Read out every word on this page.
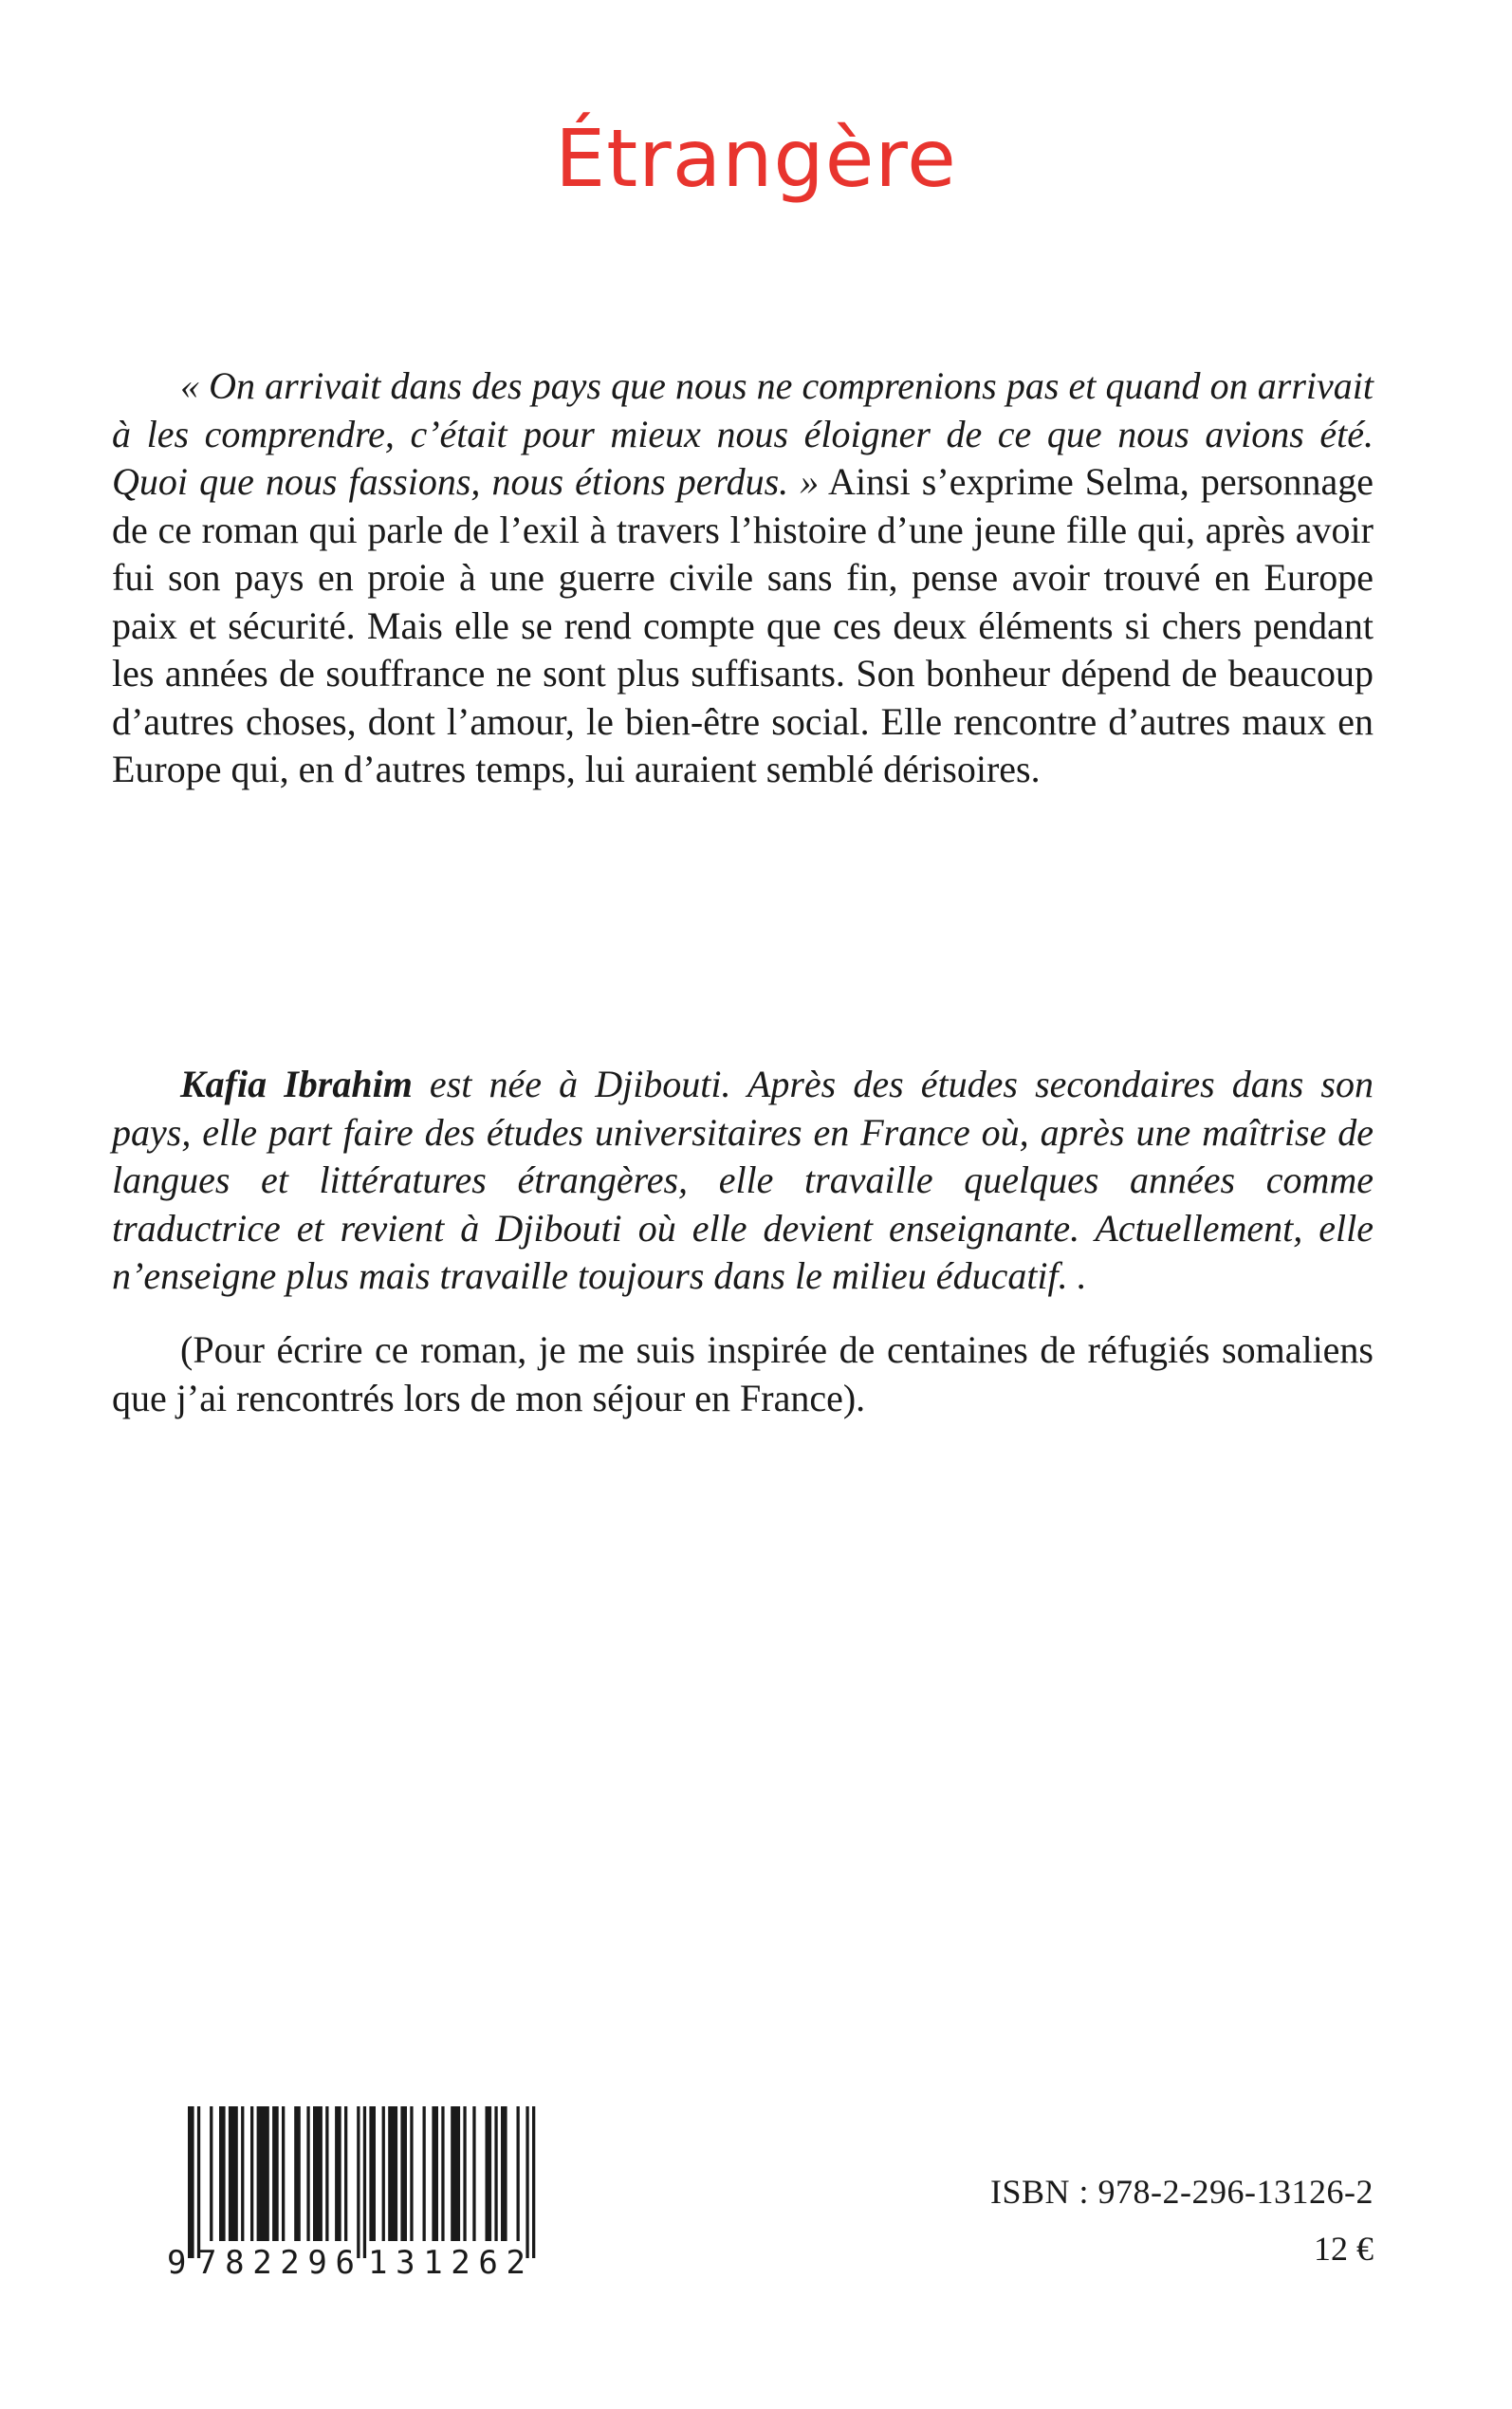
Étrangère

« On arrivait dans des pays que nous ne comprenions pas et quand on arrivait à les comprendre, c’était pour mieux nous éloigner de ce que nous avions été. Quoi que nous fassions, nous étions perdus. » Ainsi s’exprime Selma, personnage de ce roman qui parle de l’exil à travers l’histoire d’une jeune fille qui, après avoir fui son pays en proie à une guerre civile sans fin, pense avoir trouvé en Europe paix et sécurité. Mais elle se rend compte que ces deux éléments si chers pendant les années de souffrance ne sont plus suffisants. Son bonheur dépend de beaucoup d’autres choses, dont l’amour, le bien-être social. Elle rencontre d’autres maux en Europe qui, en d’autres temps, lui auraient semblé dérisoires.

Kafia Ibrahim est née à Djibouti. Après des études secondaires dans son pays, elle part faire des études universitaires en France où, après une maîtrise de langues et littératures étrangères, elle travaille quelques années comme traductrice et revient à Djibouti où elle devient enseignante. Actuellement, elle n’enseigne plus mais travaille toujours dans le milieu éducatif. .

(Pour écrire ce roman, je me suis inspirée de centaines de réfugiés somaliens que j’ai rencontrés lors de mon séjour en France).

9 782296 131262

ISBN : 978-2-296-13126-2

12 €
